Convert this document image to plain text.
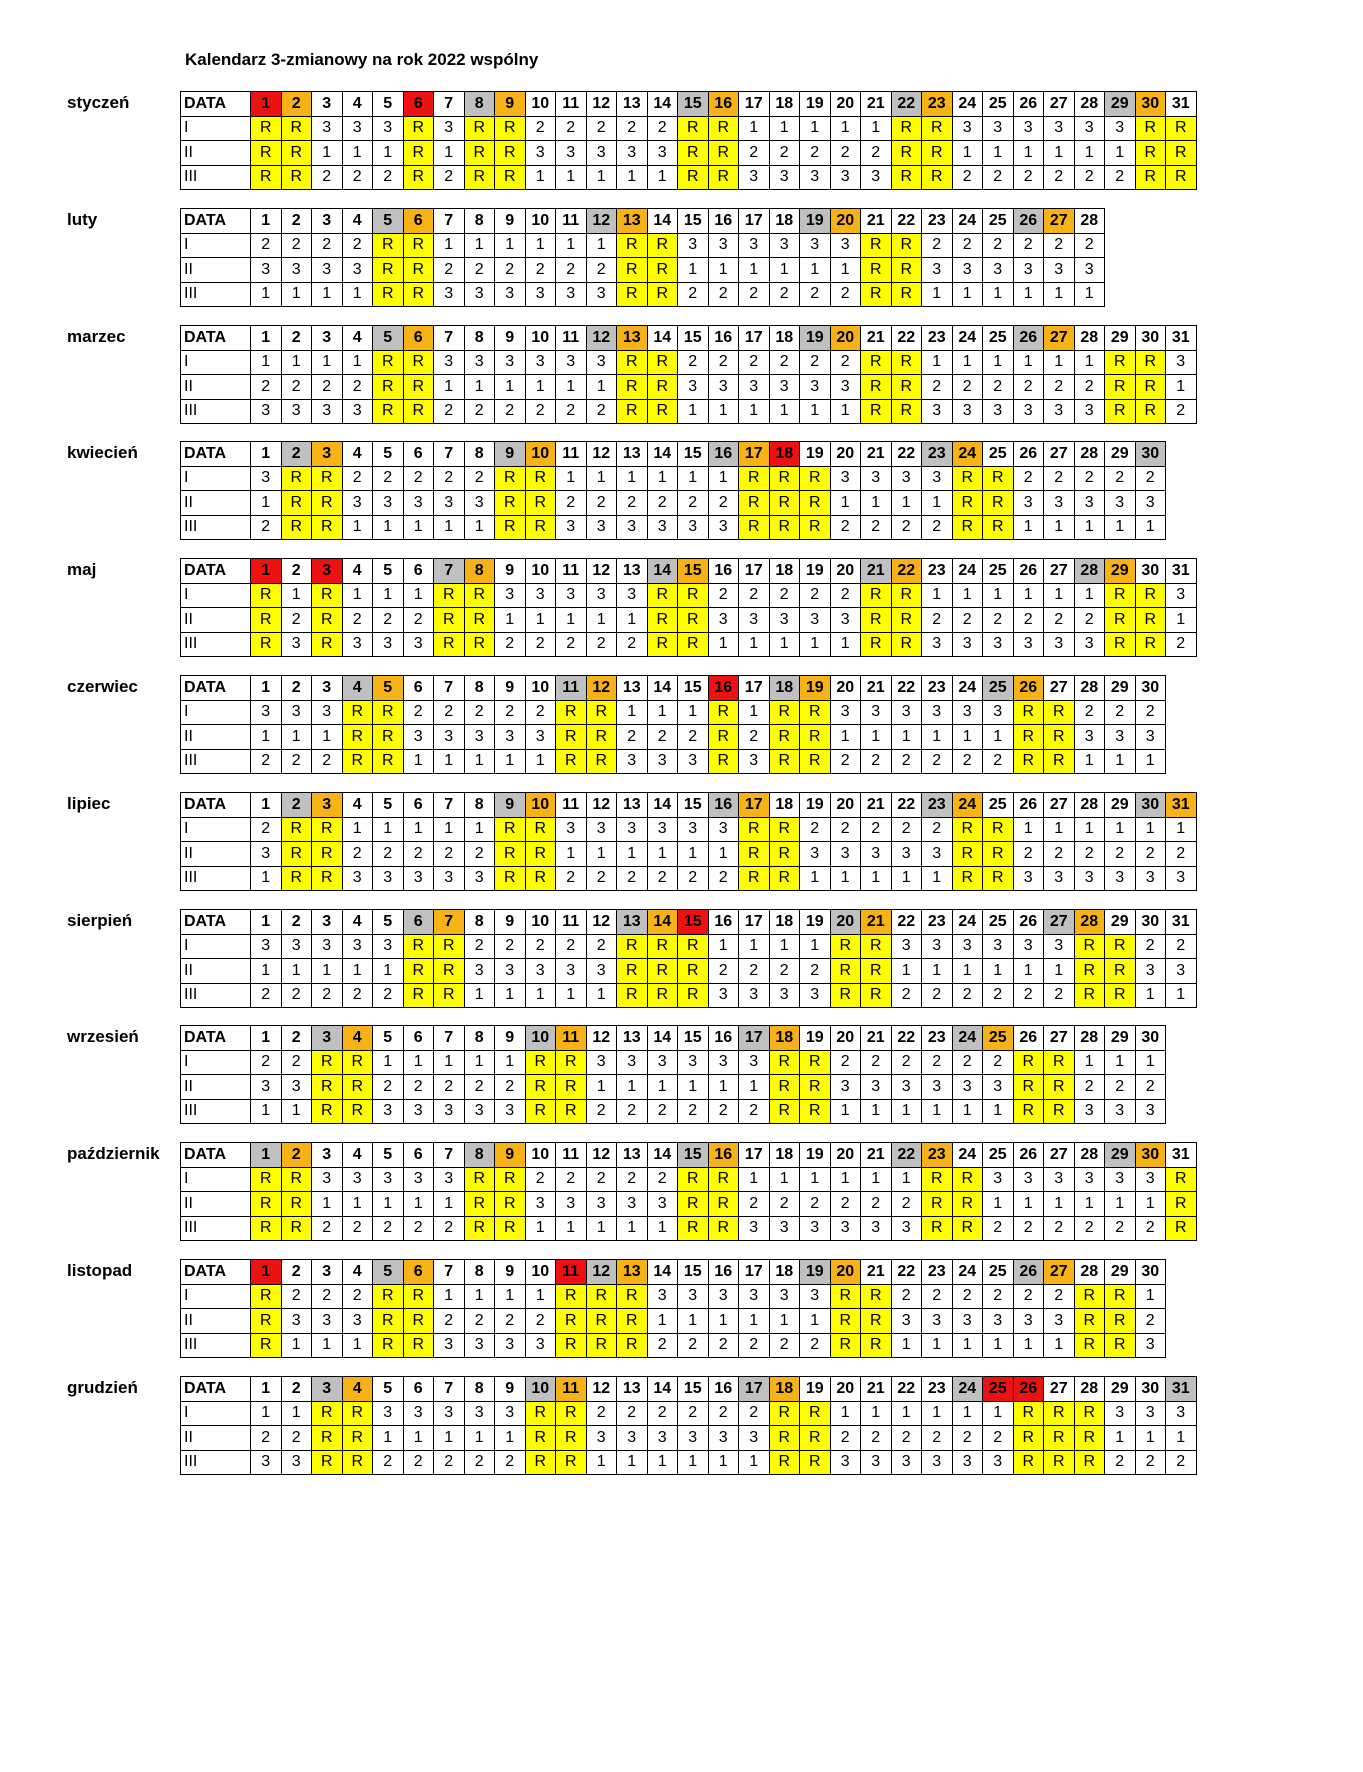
Kalendarz 3-zmianowy na rok 2022 wspólny
styczeń	DATA	1	2	3	4	5	6	7	8	9	10	11	12	13	14	15	16	17	18	19	20	21	22	23	24	25	26	27	28	29	30	31
I	R	R	3	3	3	R	3	R	R	2	2	2	2	2	R	R	1	1	1	1	1	R	R	3	3	3	3	3	3	R	R
II	R	R	1	1	1	R	1	R	R	3	3	3	3	3	R	R	2	2	2	2	2	R	R	1	1	1	1	1	1	R	R
III	R	R	2	2	2	R	2	R	R	1	1	1	1	1	R	R	3	3	3	3	3	R	R	2	2	2	2	2	2	R	R
luty	DATA	1	2	3	4	5	6	7	8	9	10	11	12	13	14	15	16	17	18	19	20	21	22	23	24	25	26	27	28
I	2	2	2	2	R	R	1	1	1	1	1	1	R	R	3	3	3	3	3	3	R	R	2	2	2	2	2	2
II	3	3	3	3	R	R	2	2	2	2	2	2	R	R	1	1	1	1	1	1	R	R	3	3	3	3	3	3
III	1	1	1	1	R	R	3	3	3	3	3	3	R	R	2	2	2	2	2	2	R	R	1	1	1	1	1	1
marzec	DATA	1	2	3	4	5	6	7	8	9	10	11	12	13	14	15	16	17	18	19	20	21	22	23	24	25	26	27	28	29	30	31
I	1	1	1	1	R	R	3	3	3	3	3	3	R	R	2	2	2	2	2	2	R	R	1	1	1	1	1	1	R	R	3
II	2	2	2	2	R	R	1	1	1	1	1	1	R	R	3	3	3	3	3	3	R	R	2	2	2	2	2	2	R	R	1
III	3	3	3	3	R	R	2	2	2	2	2	2	R	R	1	1	1	1	1	1	R	R	3	3	3	3	3	3	R	R	2
kwiecień	DATA	1	2	3	4	5	6	7	8	9	10	11	12	13	14	15	16	17	18	19	20	21	22	23	24	25	26	27	28	29	30
I	3	R	R	2	2	2	2	2	R	R	1	1	1	1	1	1	R	R	R	3	3	3	3	R	R	2	2	2	2	2
II	1	R	R	3	3	3	3	3	R	R	2	2	2	2	2	2	R	R	R	1	1	1	1	R	R	3	3	3	3	3
III	2	R	R	1	1	1	1	1	R	R	3	3	3	3	3	3	R	R	R	2	2	2	2	R	R	1	1	1	1	1
maj	DATA	1	2	3	4	5	6	7	8	9	10	11	12	13	14	15	16	17	18	19	20	21	22	23	24	25	26	27	28	29	30	31
I	R	1	R	1	1	1	R	R	3	3	3	3	3	R	R	2	2	2	2	2	R	R	1	1	1	1	1	1	R	R	3
II	R	2	R	2	2	2	R	R	1	1	1	1	1	R	R	3	3	3	3	3	R	R	2	2	2	2	2	2	R	R	1
III	R	3	R	3	3	3	R	R	2	2	2	2	2	R	R	1	1	1	1	1	R	R	3	3	3	3	3	3	R	R	2
czerwiec	DATA	1	2	3	4	5	6	7	8	9	10	11	12	13	14	15	16	17	18	19	20	21	22	23	24	25	26	27	28	29	30
I	3	3	3	R	R	2	2	2	2	2	R	R	1	1	1	R	1	R	R	3	3	3	3	3	3	R	R	2	2	2
II	1	1	1	R	R	3	3	3	3	3	R	R	2	2	2	R	2	R	R	1	1	1	1	1	1	R	R	3	3	3
III	2	2	2	R	R	1	1	1	1	1	R	R	3	3	3	R	3	R	R	2	2	2	2	2	2	R	R	1	1	1
lipiec	DATA	1	2	3	4	5	6	7	8	9	10	11	12	13	14	15	16	17	18	19	20	21	22	23	24	25	26	27	28	29	30	31
I	2	R	R	1	1	1	1	1	R	R	3	3	3	3	3	3	R	R	2	2	2	2	2	R	R	1	1	1	1	1	1
II	3	R	R	2	2	2	2	2	R	R	1	1	1	1	1	1	R	R	3	3	3	3	3	R	R	2	2	2	2	2	2
III	1	R	R	3	3	3	3	3	R	R	2	2	2	2	2	2	R	R	1	1	1	1	1	R	R	3	3	3	3	3	3
sierpień	DATA	1	2	3	4	5	6	7	8	9	10	11	12	13	14	15	16	17	18	19	20	21	22	23	24	25	26	27	28	29	30	31
I	3	3	3	3	3	R	R	2	2	2	2	2	R	R	R	1	1	1	1	R	R	3	3	3	3	3	3	R	R	2	2
II	1	1	1	1	1	R	R	3	3	3	3	3	R	R	R	2	2	2	2	R	R	1	1	1	1	1	1	R	R	3	3
III	2	2	2	2	2	R	R	1	1	1	1	1	R	R	R	3	3	3	3	R	R	2	2	2	2	2	2	R	R	1	1
wrzesień	DATA	1	2	3	4	5	6	7	8	9	10	11	12	13	14	15	16	17	18	19	20	21	22	23	24	25	26	27	28	29	30
I	2	2	R	R	1	1	1	1	1	R	R	3	3	3	3	3	3	R	R	2	2	2	2	2	2	R	R	1	1	1
II	3	3	R	R	2	2	2	2	2	R	R	1	1	1	1	1	1	R	R	3	3	3	3	3	3	R	R	2	2	2
III	1	1	R	R	3	3	3	3	3	R	R	2	2	2	2	2	2	R	R	1	1	1	1	1	1	R	R	3	3	3
październik DATA	1	2	3	4	5	6	7	8	9	10	11	12	13	14	15	16	17	18	19	20	21	22	23	24	25	26	27	28	29	30	31
I	R	R	3	3	3	3	3	R	R	2	2	2	2	2	R	R	1	1	1	1	1	1	R	R	3	3	3	3	3	3	R
II	R	R	1	1	1	1	1	R	R	3	3	3	3	3	R	R	2	2	2	2	2	2	R	R	1	1	1	1	1	1	R
III	R	R	2	2	2	2	2	R	R	1	1	1	1	1	R	R	3	3	3	3	3	3	R	R	2	2	2	2	2	2	R
listopad	DATA	1	2	3	4	5	6	7	8	9	10	11	12	13	14	15	16	17	18	19	20	21	22	23	24	25	26	27	28	29	30
I	R	2	2	2	R	R	1	1	1	1	R	R	R	3	3	3	3	3	3	R	R	2	2	2	2	2	2	R	R	1
II	R	3	3	3	R	R	2	2	2	2	R	R	R	1	1	1	1	1	1	R	R	3	3	3	3	3	3	R	R	2
III	R	1	1	1	R	R	3	3	3	3	R	R	R	2	2	2	2	2	2	R	R	1	1	1	1	1	1	R	R	3
grudzień	DATA	1	2	3	4	5	6	7	8	9	10	11	12	13	14	15	16	17	18	19	20	21	22	23	24	25	26	27	28	29	30	31
I	1	1	R	R	3	3	3	3	3	R	R	2	2	2	2	2	2	R	R	1	1	1	1	1	1	R	R	R	3	3	3
II	2	2	R	R	1	1	1	1	1	R	R	3	3	3	3	3	3	R	R	2	2	2	2	2	2	R	R	R	1	1	1
III	3	3	R	R	2	2	2	2	2	R	R	1	1	1	1	1	1	R	R	3	3	3	3	3	3	R	R	R	2	2	2
